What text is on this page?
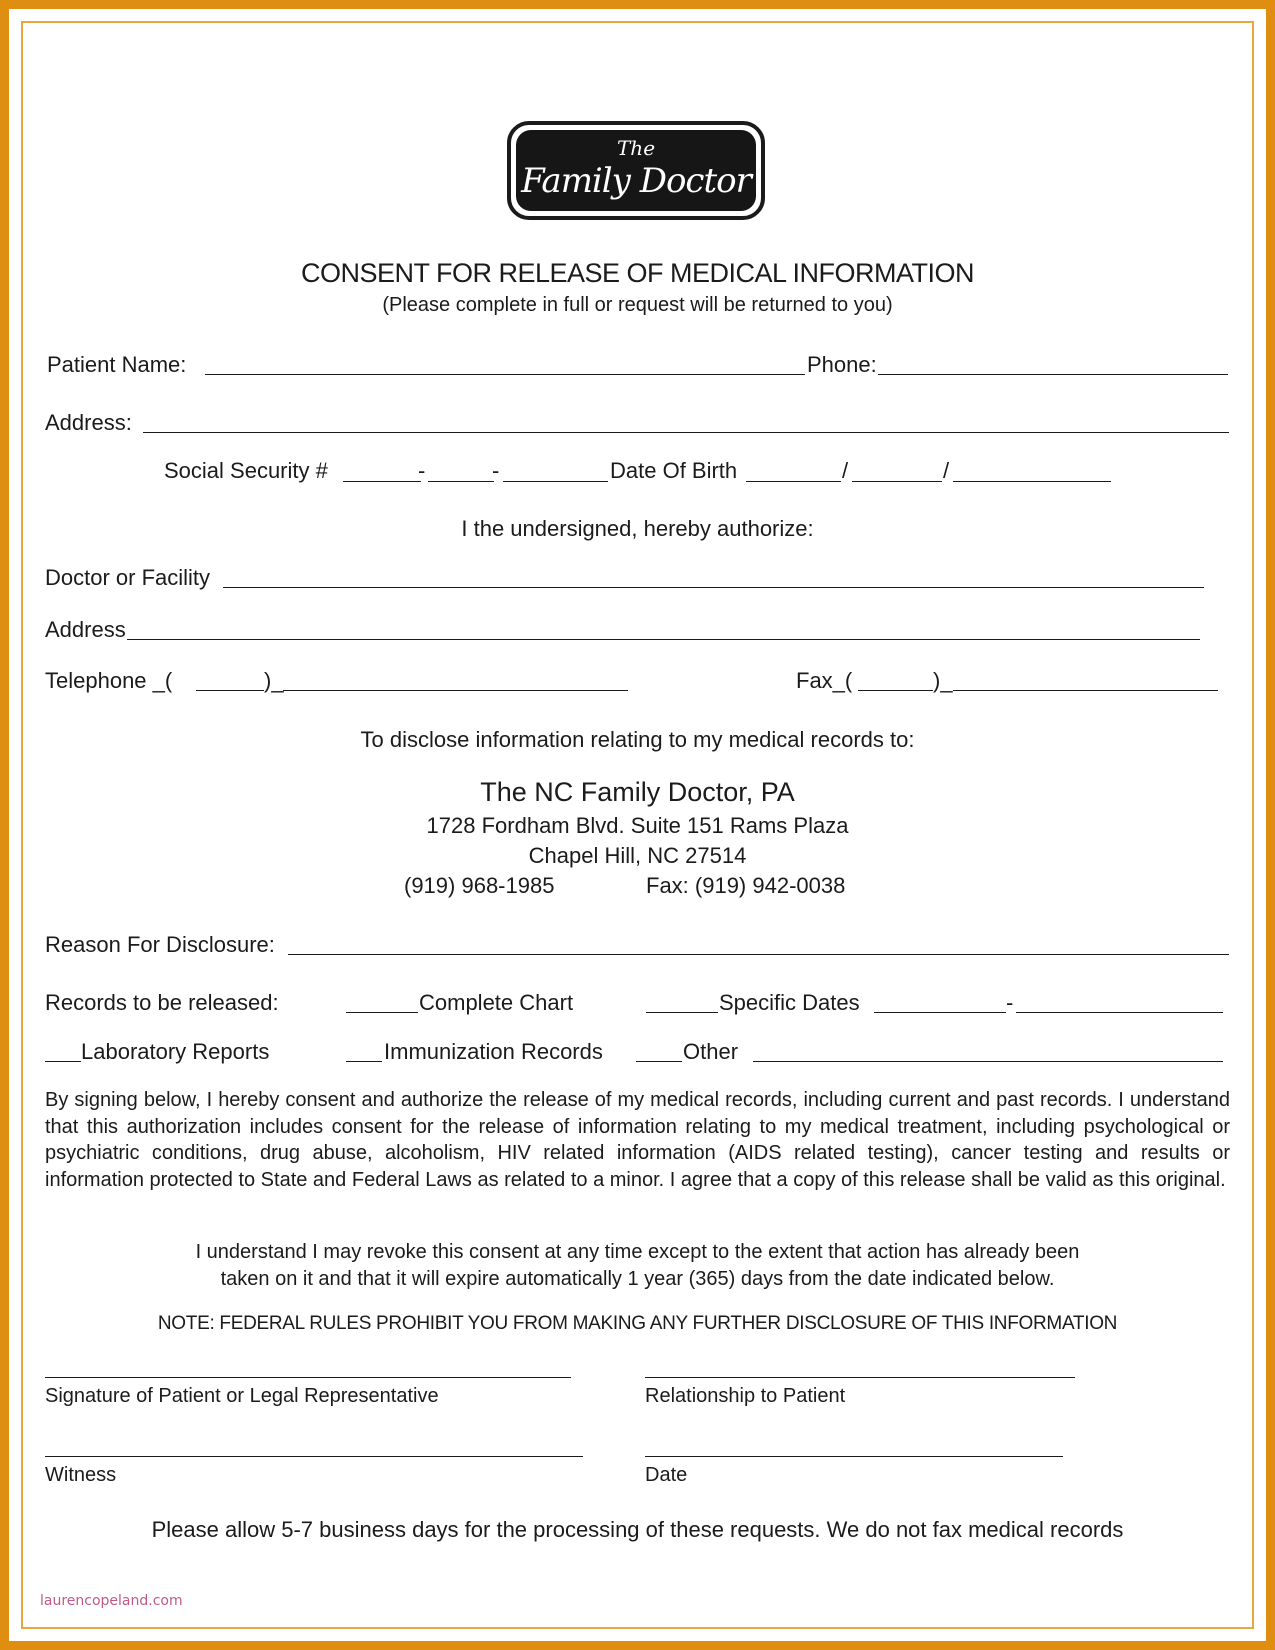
The
Family Doctor
CONSENT FOR RELEASE OF MEDICAL INFORMATION
(Please complete in full or request will be returned to you)
Patient Name:	Phone:
Address:
Social Security #	-	-	Date Of Birth	/	/
I the undersigned, hereby authorize:
Doctor or Facility
Address
Telephone _(	)_	Fax_(	)_
To disclose information relating to my medical records to:
The NC Family Doctor, PA
1728 Fordham Blvd. Suite 151 Rams Plaza
Chapel Hill, NC 27514
(919) 968-1985	Fax: (919) 942-0038
Reason For Disclosure:
Records to be released:	Complete Chart	Specific Dates	-
Laboratory Reports	Immunization Records	Other
By signing below, I hereby consent and authorize the release of my medical records, including current and past records. I understand that this authorization includes consent for the release of information relating to my medical treatment, including psychological or psychiatric conditions, drug abuse, alcoholism, HIV related information (AIDS related testing), cancer testing and results or information protected to State and Federal Laws as related to a minor. I agree that a copy of this release shall be valid as this original.
I understand I may revoke this consent at any time except to the extent that action has already been
taken on it and that it will expire automatically 1 year (365) days from the date indicated below.
NOTE: FEDERAL RULES PROHIBIT YOU FROM MAKING ANY FURTHER DISCLOSURE OF THIS INFORMATION
Signature of Patient or Legal Representative	Relationship to Patient
Witness	Date
Please allow 5-7 business days for the processing of these requests. We do not fax medical records
laurencopeland.com
